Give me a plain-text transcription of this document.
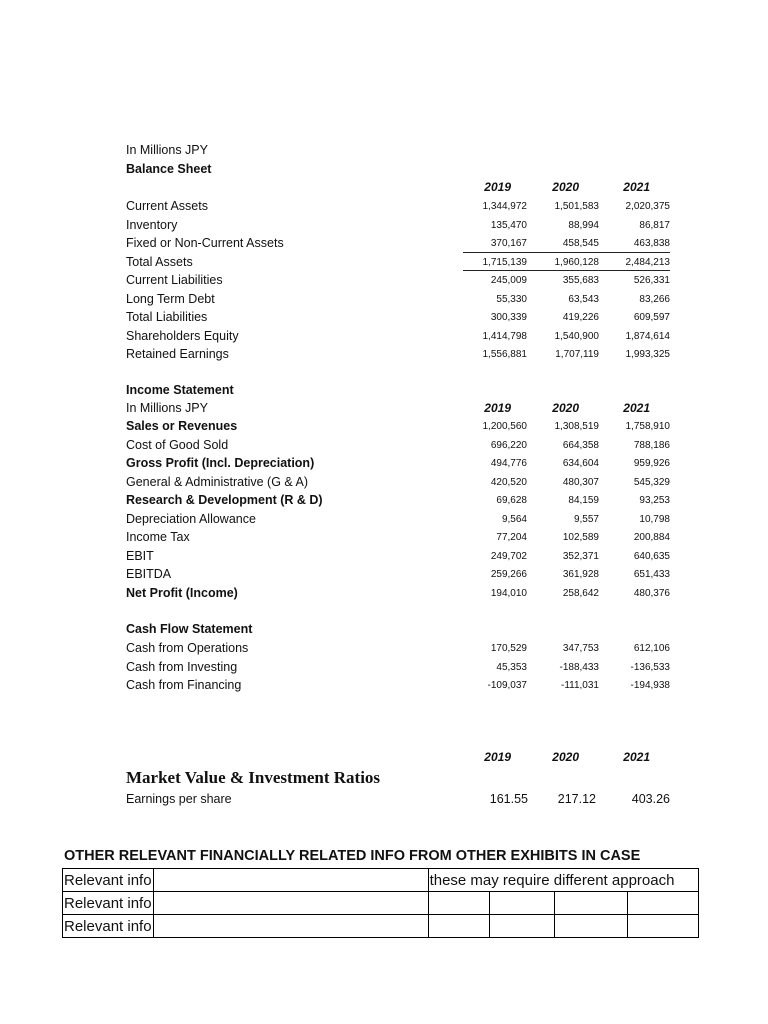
In Millions JPY
Balance Sheet
2019	2020	2021
Current Assets	1,344,972	1,501,583	2,020,375
Inventory	135,470	88,994	86,817
Fixed or Non-Current Assets	370,167	458,545	463,838
Total Assets	1,715,139	1,960,128	2,484,213
Current Liabilities	245,009	355,683	526,331
Long Term Debt	55,330	63,543	83,266
Total Liabilities	300,339	419,226	609,597
Shareholders Equity	1,414,798	1,540,900	1,874,614
Retained Earnings	1,556,881	1,707,119	1,993,325
Income Statement
In Millions JPY	2019	2020	2021
Sales or Revenues	1,200,560	1,308,519	1,758,910
Cost of Good Sold	696,220	664,358	788,186
Gross Profit (Incl. Depreciation)	494,776	634,604	959,926
General & Administrative (G & A)	420,520	480,307	545,329
Research & Development (R & D)	69,628	84,159	93,253
Depreciation Allowance	9,564	9,557	10,798
Income Tax	77,204	102,589	200,884
EBIT	249,702	352,371	640,635
EBITDA	259,266	361,928	651,433
Net Profit (Income)	194,010	258,642	480,376
Cash Flow Statement
Cash from Operations	170,529	347,753	612,106
Cash from Investing	45,353	-188,433	-136,533
Cash from Financing	-109,037	-111,031	-194,938
2019	2020	2021
Market Value & Investment Ratios
Earnings per share	161.55	217.12	403.26
OTHER RELEVANT FINANCIALLY RELATED INFO FROM OTHER EXHIBITS IN CASE
Relevant info		these may require different approach			
Relevant info					
Relevant info					
